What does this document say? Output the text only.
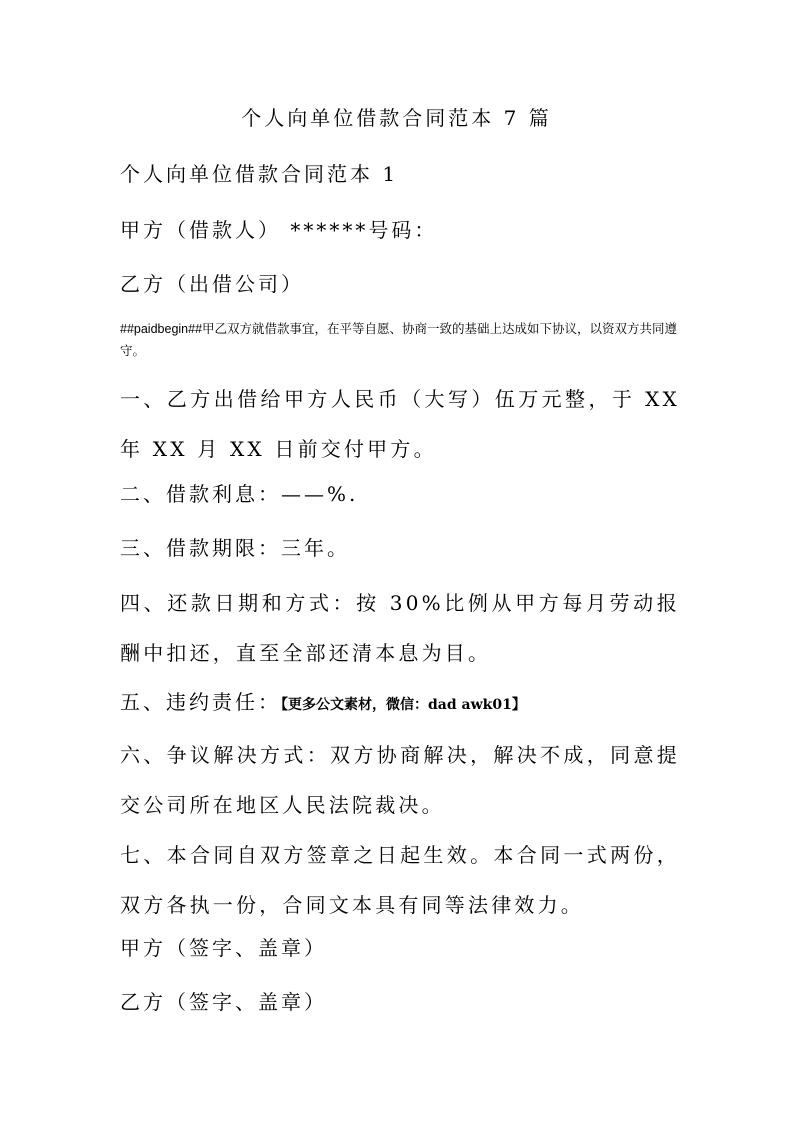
个人向单位借款合同范本 7 篇

个人向单位借款合同范本 1

甲方（借款人） ******号码：

乙方（出借公司）

##paidbegin##甲乙双方就借款事宜，在平等自愿、协商一致的基础上达成如下协议，以资双方共同遵守。

一、乙方出借给甲方人民币（大写）伍万元整，于 XX 年 XX 月 XX 日前交付甲方。

二、借款利息：——%.

三、借款期限：三年。

四、还款日期和方式：按 30%比例从甲方每月劳动报酬中扣还，直至全部还清本息为目。

五、违约责任：【更多公文素材，微信：dad awk01】

六、争议解决方式：双方协商解决，解决不成，同意提交公司所在地区人民法院裁决。

七、本合同自双方签章之日起生效。本合同一式两份，双方各执一份，合同文本具有同等法律效力。

甲方（签字、盖章）

乙方（签字、盖章）
